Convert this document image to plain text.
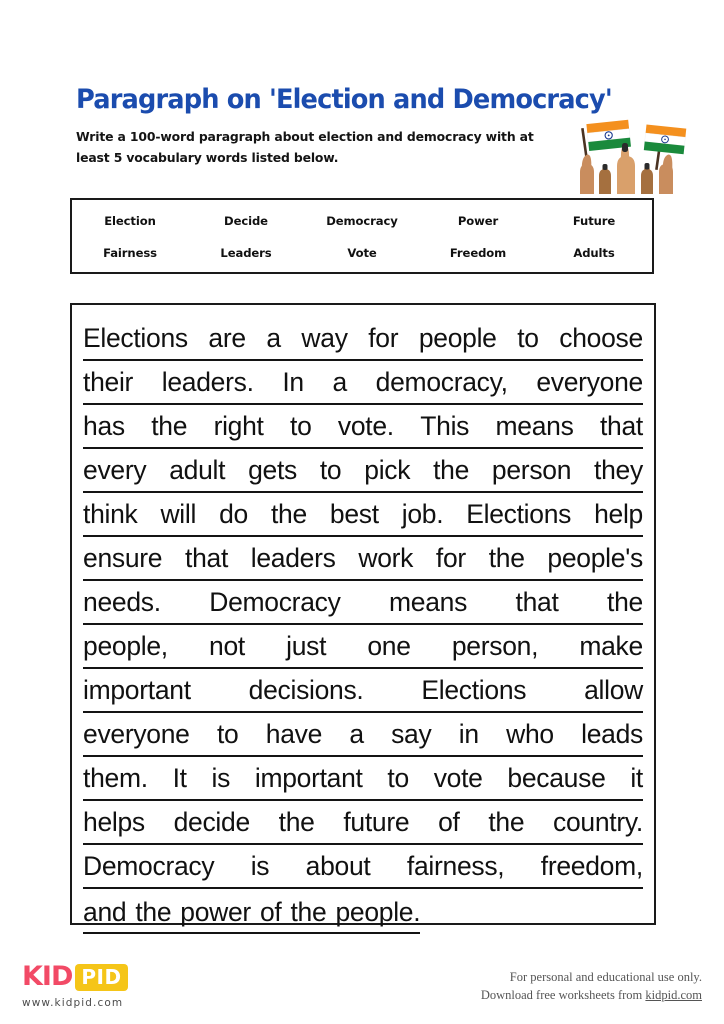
Paragraph on 'Election and Democracy'
Write a 100-word paragraph about election and democracy with at least 5 vocabulary words listed below.
Election	Decide	Democracy	Power	Future
Fairness	Leaders	Vote	Freedom	Adults
Elections are a way for people to choose
their leaders. In a democracy, everyone
has the right to vote. This means that
every adult gets to pick the person they
think will do the best job. Elections help
ensure that leaders work for the people's
needs. Democracy means that the
people, not just one person, make
important decisions. Elections allow
everyone to have a say in who leads
them. It is important to vote because it
helps decide the future of the country.
Democracy is about fairness, freedom,
and the power of the people.
KID PID
www.kidpid.com
For personal and educational use only.
Download free worksheets from kidpid.com
